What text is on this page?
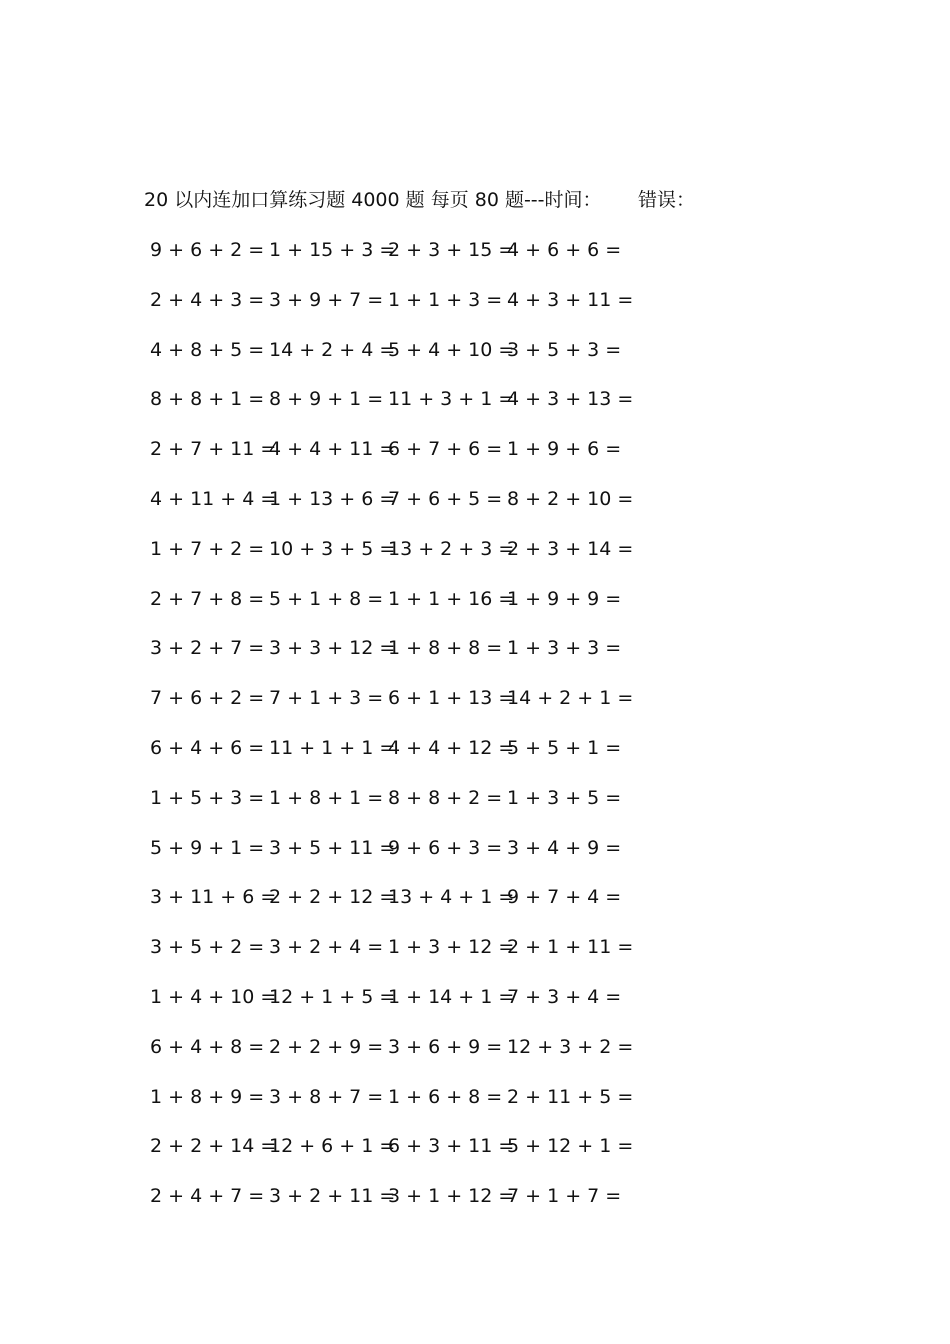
20 以内连加口算练习题 4000 题 每页 80 题---时间： 错误：
9 + 6 + 2 = 1 + 15 + 3 =
2 + 3 + 15 =
4 + 6 + 6 =
2 + 4 + 3 = 3 + 9 + 7 = 1 + 1 + 3 = 4 + 3 + 11 =
4 + 8 + 5 = 14 + 2 + 4 =
5 + 4 + 10 =
3 + 5 + 3 =
8 + 8 + 1 = 8 + 9 + 1 = 11 + 3 + 1 =
4 + 3 + 13 =
2 + 7 + 11 =
4 + 4 + 11 =
6 + 7 + 6 = 1 + 9 + 6 =
4 + 11 + 4 =
1 + 13 + 6 =
7 + 6 + 5 = 8 + 2 + 10 =
1 + 7 + 2 = 10 + 3 + 5 =
13 + 2 + 3 =
2 + 3 + 14 =
2 + 7 + 8 = 5 + 1 + 8 = 1 + 1 + 16 =
1 + 9 + 9 =
3 + 2 + 7 = 3 + 3 + 12 =
1 + 8 + 8 = 1 + 3 + 3 =
7 + 6 + 2 = 7 + 1 + 3 = 6 + 1 + 13 =
14 + 2 + 1 =
6 + 4 + 6 = 11 + 1 + 1 =
4 + 4 + 12 =
5 + 5 + 1 =
1 + 5 + 3 = 1 + 8 + 1 = 8 + 8 + 2 = 1 + 3 + 5 =
5 + 9 + 1 = 3 + 5 + 11 =
9 + 6 + 3 = 3 + 4 + 9 =
3 + 11 + 6 =
2 + 2 + 12 =
13 + 4 + 1 =
9 + 7 + 4 =
3 + 5 + 2 = 3 + 2 + 4 = 1 + 3 + 12 =
2 + 1 + 11 =
1 + 4 + 10 =
12 + 1 + 5 =
1 + 14 + 1 =
7 + 3 + 4 =
6 + 4 + 8 = 2 + 2 + 9 = 3 + 6 + 9 = 12 + 3 + 2 =
1 + 8 + 9 = 3 + 8 + 7 = 1 + 6 + 8 = 2 + 11 + 5 =
2 + 2 + 14 =
12 + 6 + 1 =
6 + 3 + 11 =
5 + 12 + 1 =
2 + 4 + 7 = 3 + 2 + 11 =
3 + 1 + 12 =
7 + 1 + 7 =
